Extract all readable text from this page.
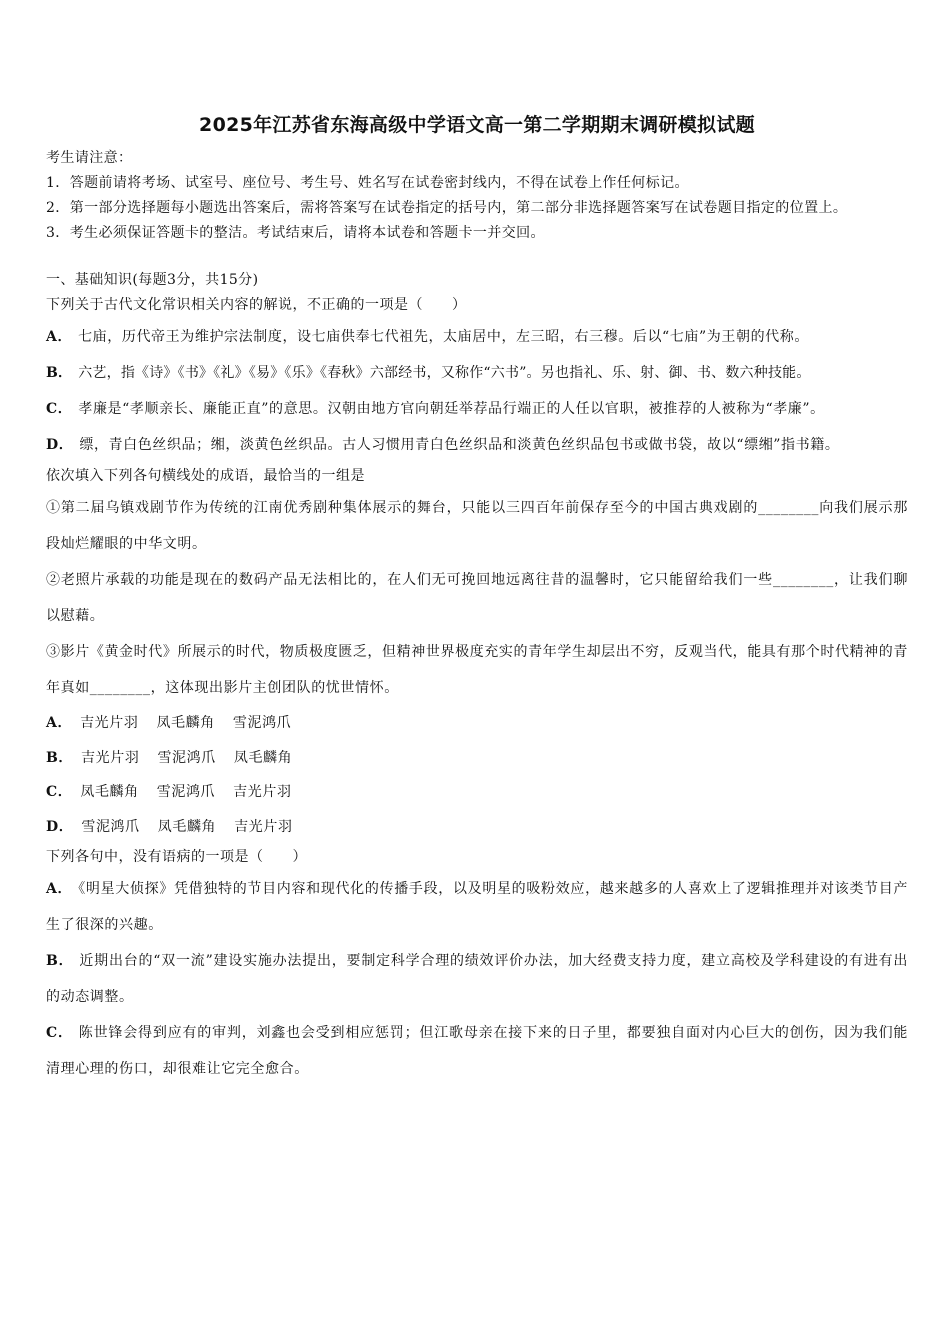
2025年江苏省东海高级中学语文高一第二学期期末调研模拟试题

考生请注意：

1．答题前请将考场、试室号、座位号、考生号、姓名写在试卷密封线内，不得在试卷上作任何标记。

2．第一部分选择题每小题选出答案后，需将答案写在试卷指定的括号内，第二部分非选择题答案写在试卷题目指定的位置上。

3．考生必须保证答题卡的整洁。考试结束后，请将本试卷和答题卡一并交回。

一、基础知识(每题3分，共15分)

下列关于古代文化常识相关内容的解说，不正确的一项是（　　）

A． 七庙，历代帝王为维护宗法制度，设七庙供奉七代祖先，太庙居中，左三昭，右三穆。后以“七庙”为王朝的代称。

B． 六艺，指《诗》《书》《礼》《易》《乐》《春秋》六部经书，又称作“六书”。另也指礼、乐、射、御、书、数六种技能。

C． 孝廉是“孝顺亲长、廉能正直”的意思。汉朝由地方官向朝廷举荐品行端正的人任以官职，被推荐的人被称为“孝廉”。

D． 缥，青白色丝织品；缃，淡黄色丝织品。古人习惯用青白色丝织品和淡黄色丝织品包书或做书袋，故以“缥缃”指书籍。

依次填入下列各句横线处的成语，最恰当的一组是

①第二届乌镇戏剧节作为传统的江南优秀剧种集体展示的舞台，只能以三四百年前保存至今的中国古典戏剧的________向我们展示那段灿烂耀眼的中华文明。

②老照片承载的功能是现在的数码产品无法相比的，在人们无可挽回地远离往昔的温馨时，它只能留给我们一些________，让我们聊以慰藉。

③影片《黄金时代》所展示的时代，物质极度匮乏，但精神世界极度充实的青年学生却层出不穷，反观当代，能具有那个时代精神的青年真如________，这体现出影片主创团队的忧世情怀。

A． 吉光片羽 凤毛麟角 雪泥鸿爪

B． 吉光片羽 雪泥鸿爪 凤毛麟角

C． 凤毛麟角 雪泥鸿爪 吉光片羽

D． 雪泥鸿爪 凤毛麟角 吉光片羽

下列各句中，没有语病的一项是（　　）

A． 《明星大侦探》凭借独特的节目内容和现代化的传播手段，以及明星的吸粉效应，越来越多的人喜欢上了逻辑推理并对该类节目产生了很深的兴趣。

B． 近期出台的“双一流”建设实施办法提出，要制定科学合理的绩效评价办法，加大经费支持力度，建立高校及学科建设的有进有出的动态调整。

C． 陈世锋会得到应有的审判，刘鑫也会受到相应惩罚；但江歌母亲在接下来的日子里，都要独自面对内心巨大的创伤，因为我们能清理心理的伤口，却很难让它完全愈合。
